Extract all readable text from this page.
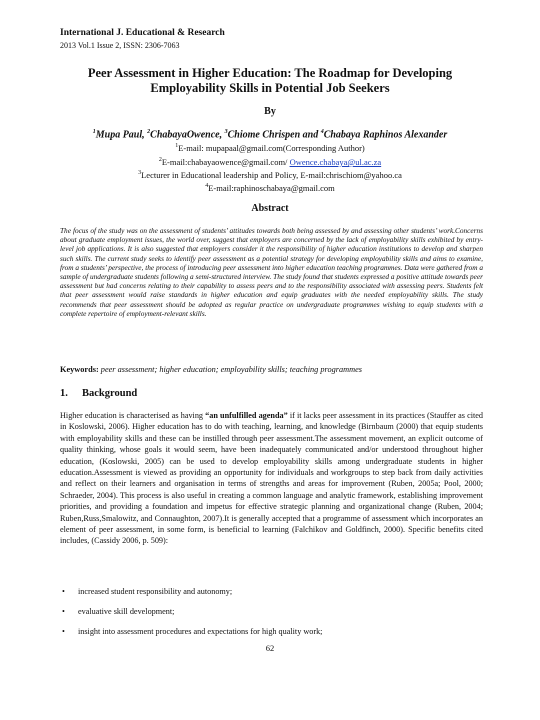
International J. Educational & Research
2013 Vol.1 Issue 2, ISSN: 2306-7063
Peer Assessment in Higher Education: The Roadmap for Developing
Employability Skills in Potential Job Seekers
By
$^1$Mupa Paul, $^2$ChabayaOwence, $^3$Chiome Chrispen and $^4$Chabaya Raphinos Alexander
$^1$E-mail: mupapaal@gmail.com(Corresponding Author)
$^2$E-mail:chabayaowence@gmail.com/ Owence.chabaya@ul.ac.za
$^3$Lecturer in Educational leadership and Policy, E-mail:chrischiom@yahoo.ca
$^4$E-mail:raphinoschabaya@gmail.com
Abstract
The focus of the study was on the assessment of students’ attitudes towards both being assessed by and assessing other students’ work.Concerns about graduate employment issues, the world over, suggest that employers are concerned by the lack of employability skills exhibited by entry-level job applications. It is also suggested that employers consider it the responsibility of higher education institutions to develop and sharpen such skills. The current study seeks to identify peer assessment as a potential strategy for developing employability skills and aims to examine, from a students’ perspective, the process of introducing peer assessment into higher education teaching programmes. Data were gathered from a sample of undergraduate students following a semi-structured interview. The study found that students expressed a positive attitude towards peer assessment but had concerns relating to their capability to assess peers and to the responsibility associated with assessing peers. Students felt that peer assessment would raise standards in higher education and equip graduates with the needed employability skills. The study recommends that peer assessment should be adopted as regular practice on undergraduate programmes wishing to equip students with a complete repertoire of employment-relevant skills.
Keywords: peer assessment; higher education; employability skills; teaching programmes
1. Background
Higher education is characterised as having “an unfulfilled agenda” if it lacks peer assessment in its practices (Stauffer as cited in Koslowski, 2006). Higher education has to do with teaching, learning, and knowledge (Birnbaum (2000) that equip students with employability skills and these can be instilled through peer assessment.The assessment movement, an explicit outcome of quality thinking, whose goals it would seem, have been inadequately communicated and/or understood throughout higher education, (Koslowski, 2005) can be used to develop employability skills among undergraduate students in higher education.Assessment is viewed as providing an opportunity for individuals and workgroups to step back from daily activities and reflect on their learners and organisation in terms of strengths and areas for improvement (Ruben, 2005a; Pool, 2000; Schraeder, 2004). This process is also useful in creating a common language and analytic framework, establishing improvement priorities, and providing a foundation and impetus for effective strategic planning and organizational change (Ruben, 2004; Ruben,Russ,Smalowitz, and Connaughton, 2007).It is generally accepted that a programme of assessment which incorporates an element of peer assessment, in some form, is beneficial to learning (Falchikov and Goldfinch, 2000). Specific benefits cited includes, (Cassidy 2006, p. 509):
• increased student responsibility and autonomy;
• evaluative skill development;
• insight into assessment procedures and expectations for high quality work;
62
